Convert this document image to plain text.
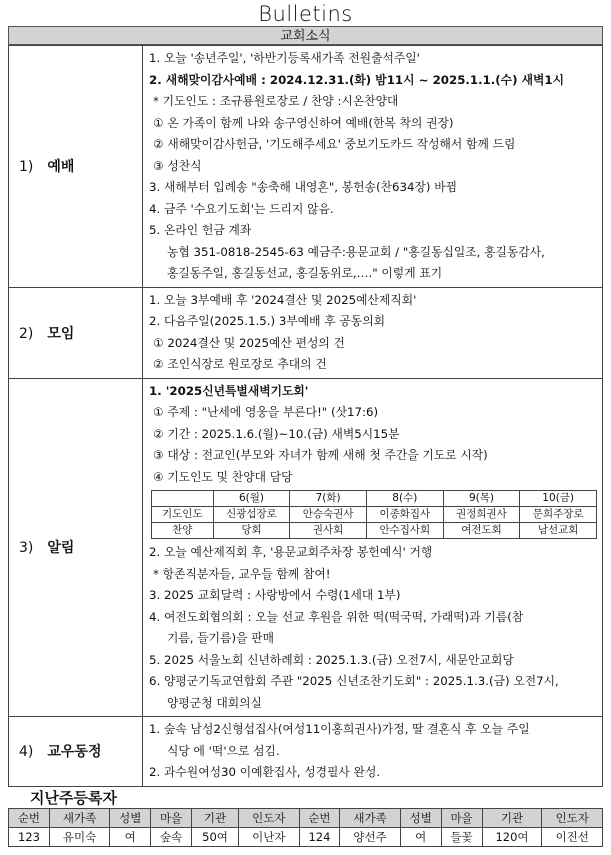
Bulletins
교회소식
1) 예배	
1. 오늘 '송년주일', '하반기등록새가족 전원출석주일'
2. 새해맞이감사예배 : 2024.12.31.(화) 밤11시 ~ 2025.1.1.(수) 새벽1시
* 기도인도 : 조규룡원로장로 / 찬양 :시온찬양대
① 온 가족이 함께 나와 송구영신하여 예배(한복 착의 권장)
② 새해맞이감사헌금, '기도해주세요' 중보기도카드 작성해서 함께 드림
③ 성찬식
3. 새해부터 입례송 "송축해 내영혼", 봉헌송(찬634장) 바뀜
4. 금주 '수요기도회'는 드리지 않음.
5. 온라인 헌금 계좌
농협 351-0818-2545-63 예금주:용문교회 / "홍길동십일조, 홍길동감사,
홍길동주일, 홍길동선교, 홍길동위로,…." 이렇게 표기

2) 모임	
1. 오늘 3부예배 후 '2024결산 및 2025예산제직회'
2. 다음주일(2025.1.5.) 3부예배 후 공동의회
① 2024결산 및 2025예산 편성의 건
② 조인식장로 원로장로 추대의 건

3) 알림	
1. '2025신년특별새벽기도회'
① 주제 : "난세에 영웅을 부른다!" (삿17:6)
② 기간 : 2025.1.6.(월)~10.(금) 새벽5시15분
③ 대상 : 전교인(부모와 자녀가 함께 새해 첫 주간을 기도로 시작)
④ 기도인도 및 찬양대 담당
	6(월)	7(화)	8(수)	9(목)	10(금)
기도인도	신광섭장로	안승숙권사	이종화집사	권정희권사	문희주장로
찬양	당회	권사회	안수집사회	여전도회	남선교회
2. 오늘 예산제직회 후, '용문교회주차장 봉헌예식' 거행
* 항존직분자들, 교우들 함께 참여!
3. 2025 교회달력 : 사랑방에서 수령(1세대 1부)
4. 여전도회협의회 : 오늘 선교 후원을 위한 떡(떡국떡, 가래떡)과 기름(참
기름, 들기름)을 판매
5. 2025 서울노회 신년하례회 : 2025.1.3.(금) 오전7시, 새문안교회당
6. 양평군기독교연합회 주관 "2025 신년조찬기도회" : 2025.1.3.(금) 오전7시,
양평군청 대회의실

4) 교우동정	
1. 숲속 남성2신형섭집사(여성11이홍희권사)가정, 딸 결혼식 후 오늘 주일
식당 에 '떡'으로 섬김.
2. 과수원여성30 이예환집사, 성경필사 완성.
지난주등록자
순번	새가족	성별	마을	기관	인도자	순번	새가족	성별	마을	기관	인도자
123	유미숙	여	숲속	50여	이난자	124	양선주	여	들꽃	120여	이진선
